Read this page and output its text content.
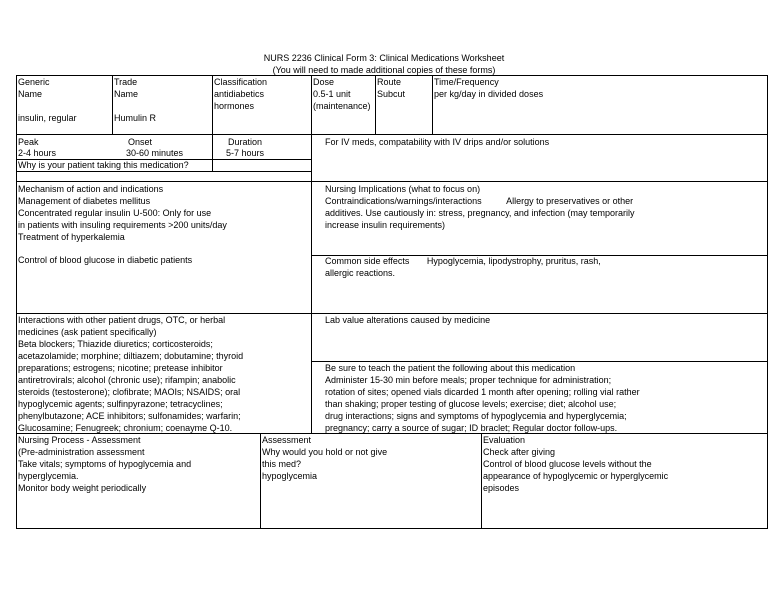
NURS 2236 Clinical Form 3: Clinical Medications Worksheet
(You will need to made additional copies of these forms)
Generic
Name
insulin, regular
Trade
Name
Humulin R
Classification
antidiabetics
hormones
Dose
0.5-1 unit
(maintenance)
Route
Subcut
Time/Frequency
per kg/day in divided doses
Peak
2-4 hours
Onset
30-60 minutes
Duration
5-7 hours
For IV meds, compatability with IV drips and/or solutions
Why is your patient taking this medication?
Mechanism of action and indications
Management of diabetes mellitus
Concentrated regular insulin U-500: Only for use
in patients with insuling requirements >200 units/day
Treatment of hyperkalemia
Control of blood glucose in diabetic patients
Nursing Implications (what to focus on)
Contraindications/warnings/interactions          Allergy to preservatives or other
additives. Use cautiously in: stress, pregnancy, and infection (may temporarily
increase insulin requirements)
Common side effects       Hypoglycemia, lipodystrophy, pruritus, rash,
allergic reactions.
Interactions with other patient drugs, OTC, or herbal
medicines (ask patient specifically)
Beta blockers; Thiazide diuretics; corticosteroids;
acetazolamide; morphine; diltiazem; dobutamine; thyroid
preparations; estrogens; nicotine; pretease inhibitor
antiretrovirals; alcohol (chronic use); rifampin; anabolic
steroids (testosterone); clofibrate; MAOIs; NSAIDS; oral
hypoglycemic agents; sulfinpyrazone; tetracyclines;
phenylbutazone; ACE inhibitors; sulfonamides; warfarin;
Glucosamine; Fenugreek; chronium; coenayme Q-10.
Lab value alterations caused by medicine
Be sure to teach the patient the following about this medication
Administer 15-30 min before meals; proper technique for administration;
rotation of sites; opened vials dicarded 1 month after opening; rolling vial rather
than shaking; proper testing of glucose levels; exercise; diet; alcohol use;
drug interactions; signs and symptoms of hypoglycemia and hyperglycemia;
pregnancy; carry a source of sugar; ID braclet; Regular doctor follow-ups.
Nursing Process - Assessment
(Pre-administration assessment
Take vitals; symptoms of hypoglycemia and
hyperglycemia.
Monitor body weight periodically
Assessment
Why would you hold or not give
this med?
hypoglycemia
Evaluation
Check after giving
Control of blood glucose levels without the
appearance of hypoglycemic or hyperglycemic
episodes
